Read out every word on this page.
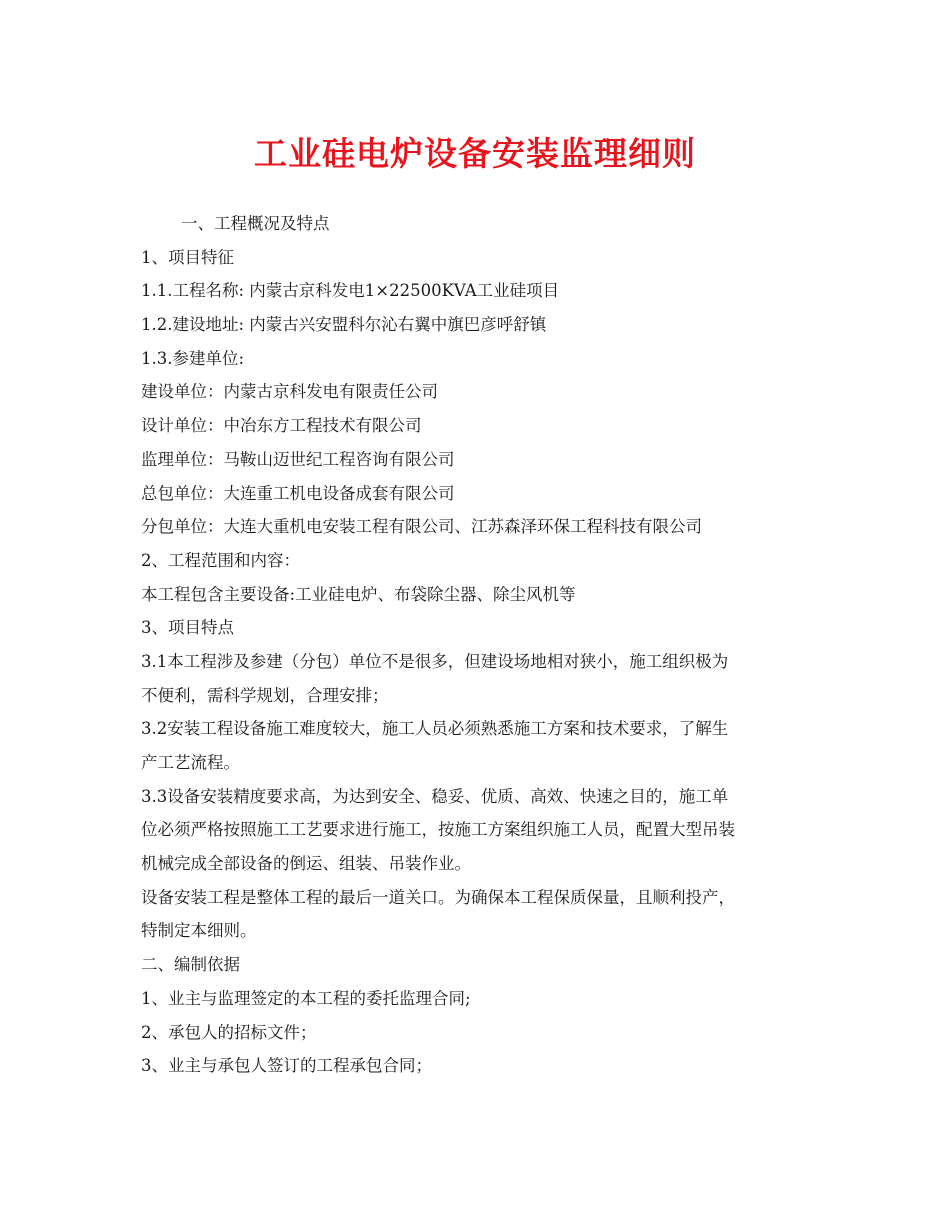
工业硅电炉设备安装监理细则
一、工程概况及特点
1、项目特征
1.1.工程名称: 内蒙古京科发电1×22500KVA工业硅项目
1.2.建设地址: 内蒙古兴安盟科尔沁右翼中旗巴彦呼舒镇
1.3.参建单位:
建设单位：内蒙古京科发电有限责任公司
设计单位：中冶东方工程技术有限公司
监理单位：马鞍山迈世纪工程咨询有限公司
总包单位：大连重工机电设备成套有限公司
分包单位：大连大重机电安装工程有限公司、江苏森泽环保工程科技有限公司
2、工程范围和内容：
本工程包含主要设备:工业硅电炉、布袋除尘器、除尘风机等
3、项目特点
3.1本工程涉及参建（分包）单位不是很多，但建设场地相对狭小，施工组织极为
不便利，需科学规划，合理安排；
3.2安装工程设备施工难度较大，施工人员必须熟悉施工方案和技术要求，了解生
产工艺流程。
3.3设备安装精度要求高，为达到安全、稳妥、优质、高效、快速之目的，施工单
位必须严格按照施工工艺要求进行施工，按施工方案组织施工人员，配置大型吊装
机械完成全部设备的倒运、组装、吊装作业。
设备安装工程是整体工程的最后一道关口。为确保本工程保质保量，且顺利投产，
特制定本细则。
二、编制依据
1、业主与监理签定的本工程的委托监理合同;
2、承包人的招标文件；
3、业主与承包人签订的工程承包合同；
